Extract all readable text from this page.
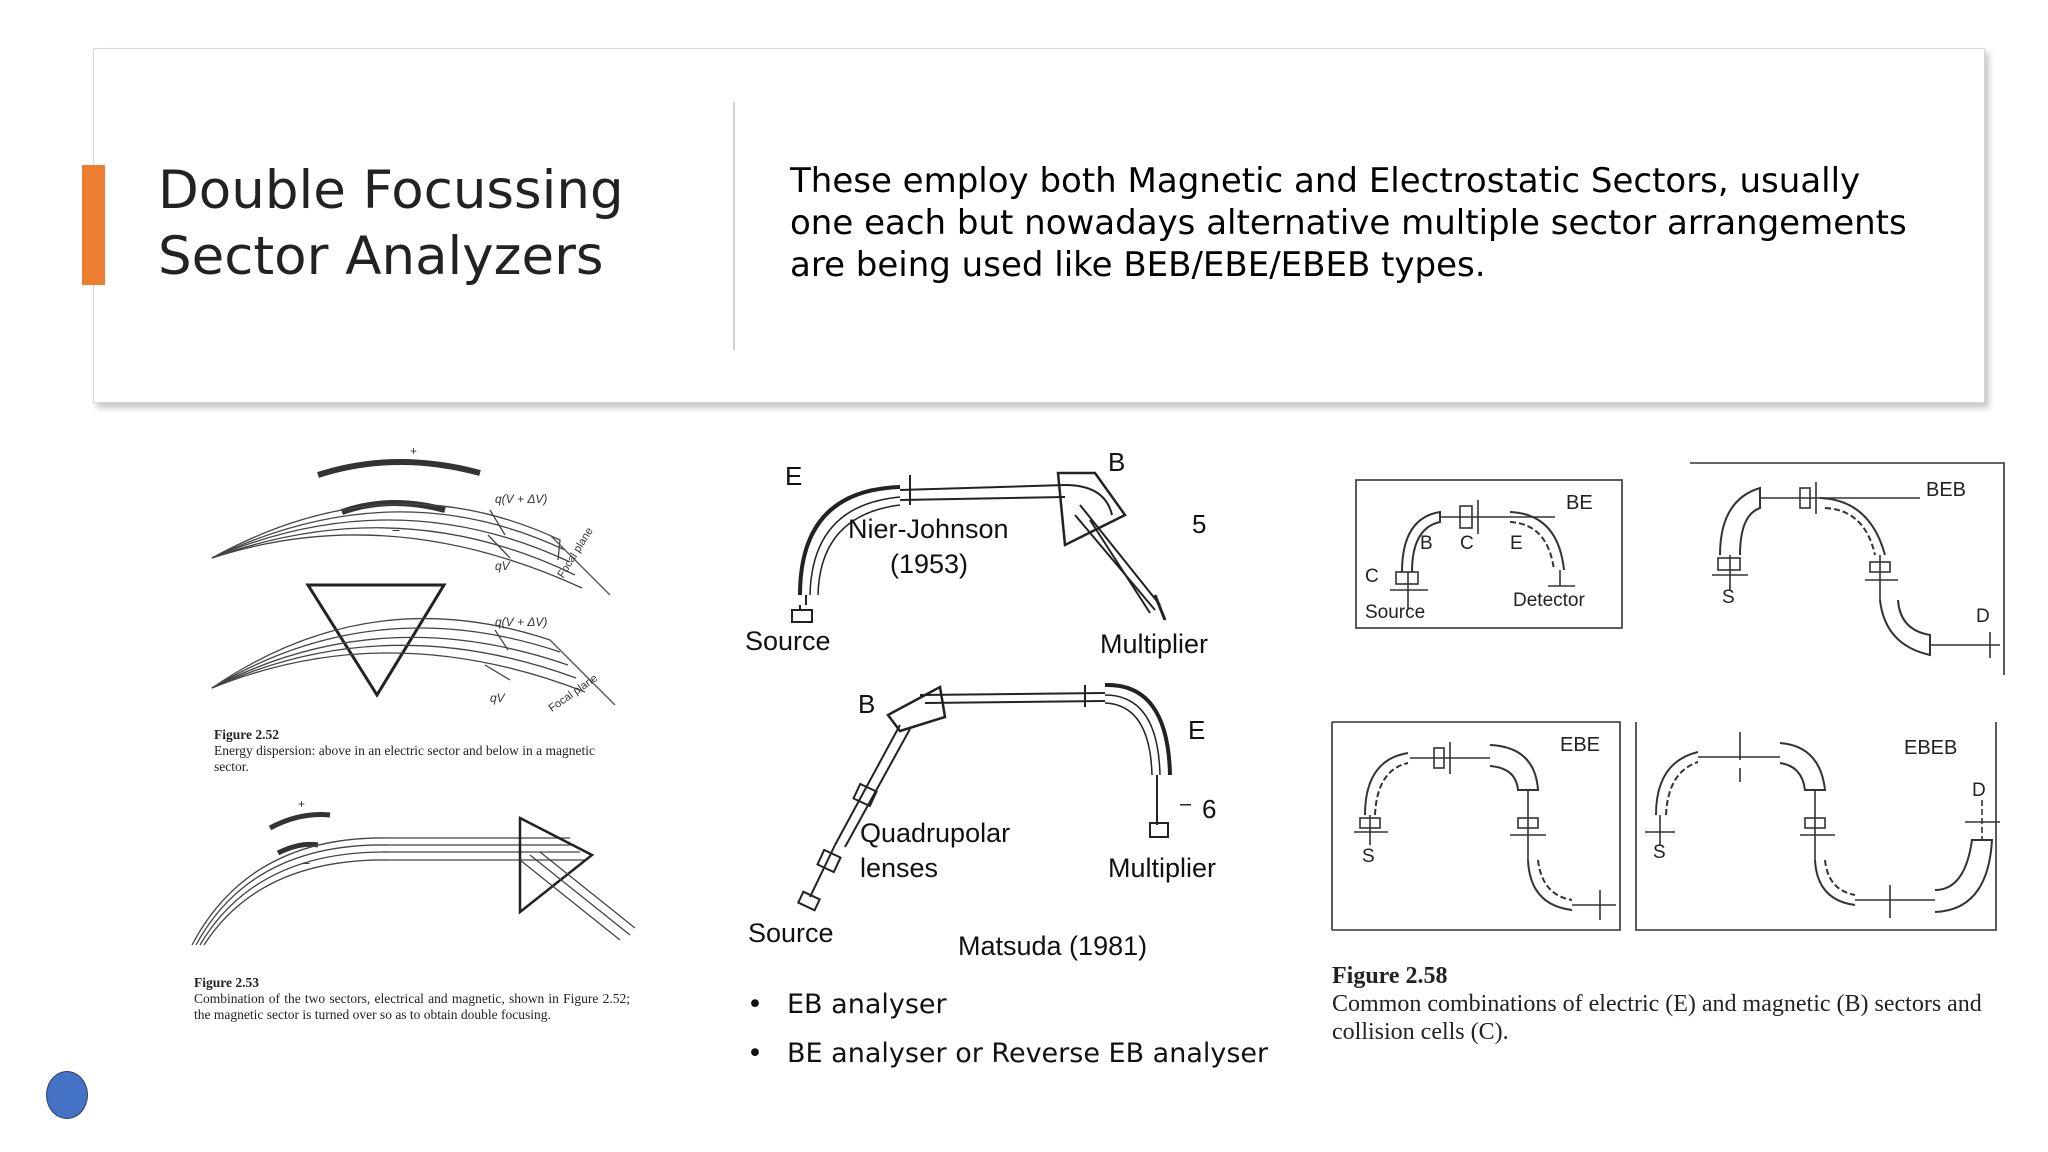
Double Focussing
Sector Analyzers

These employ both Magnetic and Electrostatic Sectors, usually one each but nowadays alternative multiple sector arrangements are being used like BEB/EBE/EBEB types.

+
−
q(V + ΔV)
qV	Focal plane
q(V + ΔV)
qV	Focal plane
+
−
Figure 2.52
Energy dispersion: above in an electric sector and below in a magnetic sector.
Figure 2.53
Combination of the two sectors, electrical and magnetic, shown in Figure 2.52; the magnetic sector is turned over so as to obtain double focusing.
E	B
Nier-Johnson
(1953)
5
Source	Multiplier
B
E
6
–
Quadrupolar
lenses	Multiplier
Source	Matsuda (1981)
• EB analyser
• BE analyser or Reverse EB analyser
BE
B C E
C
Source
Detector
BEB
S
D
EBE
S
EBEB
S
D
Figure 2.58
Common combinations of electric (E) and magnetic (B) sectors and collision cells (C).
